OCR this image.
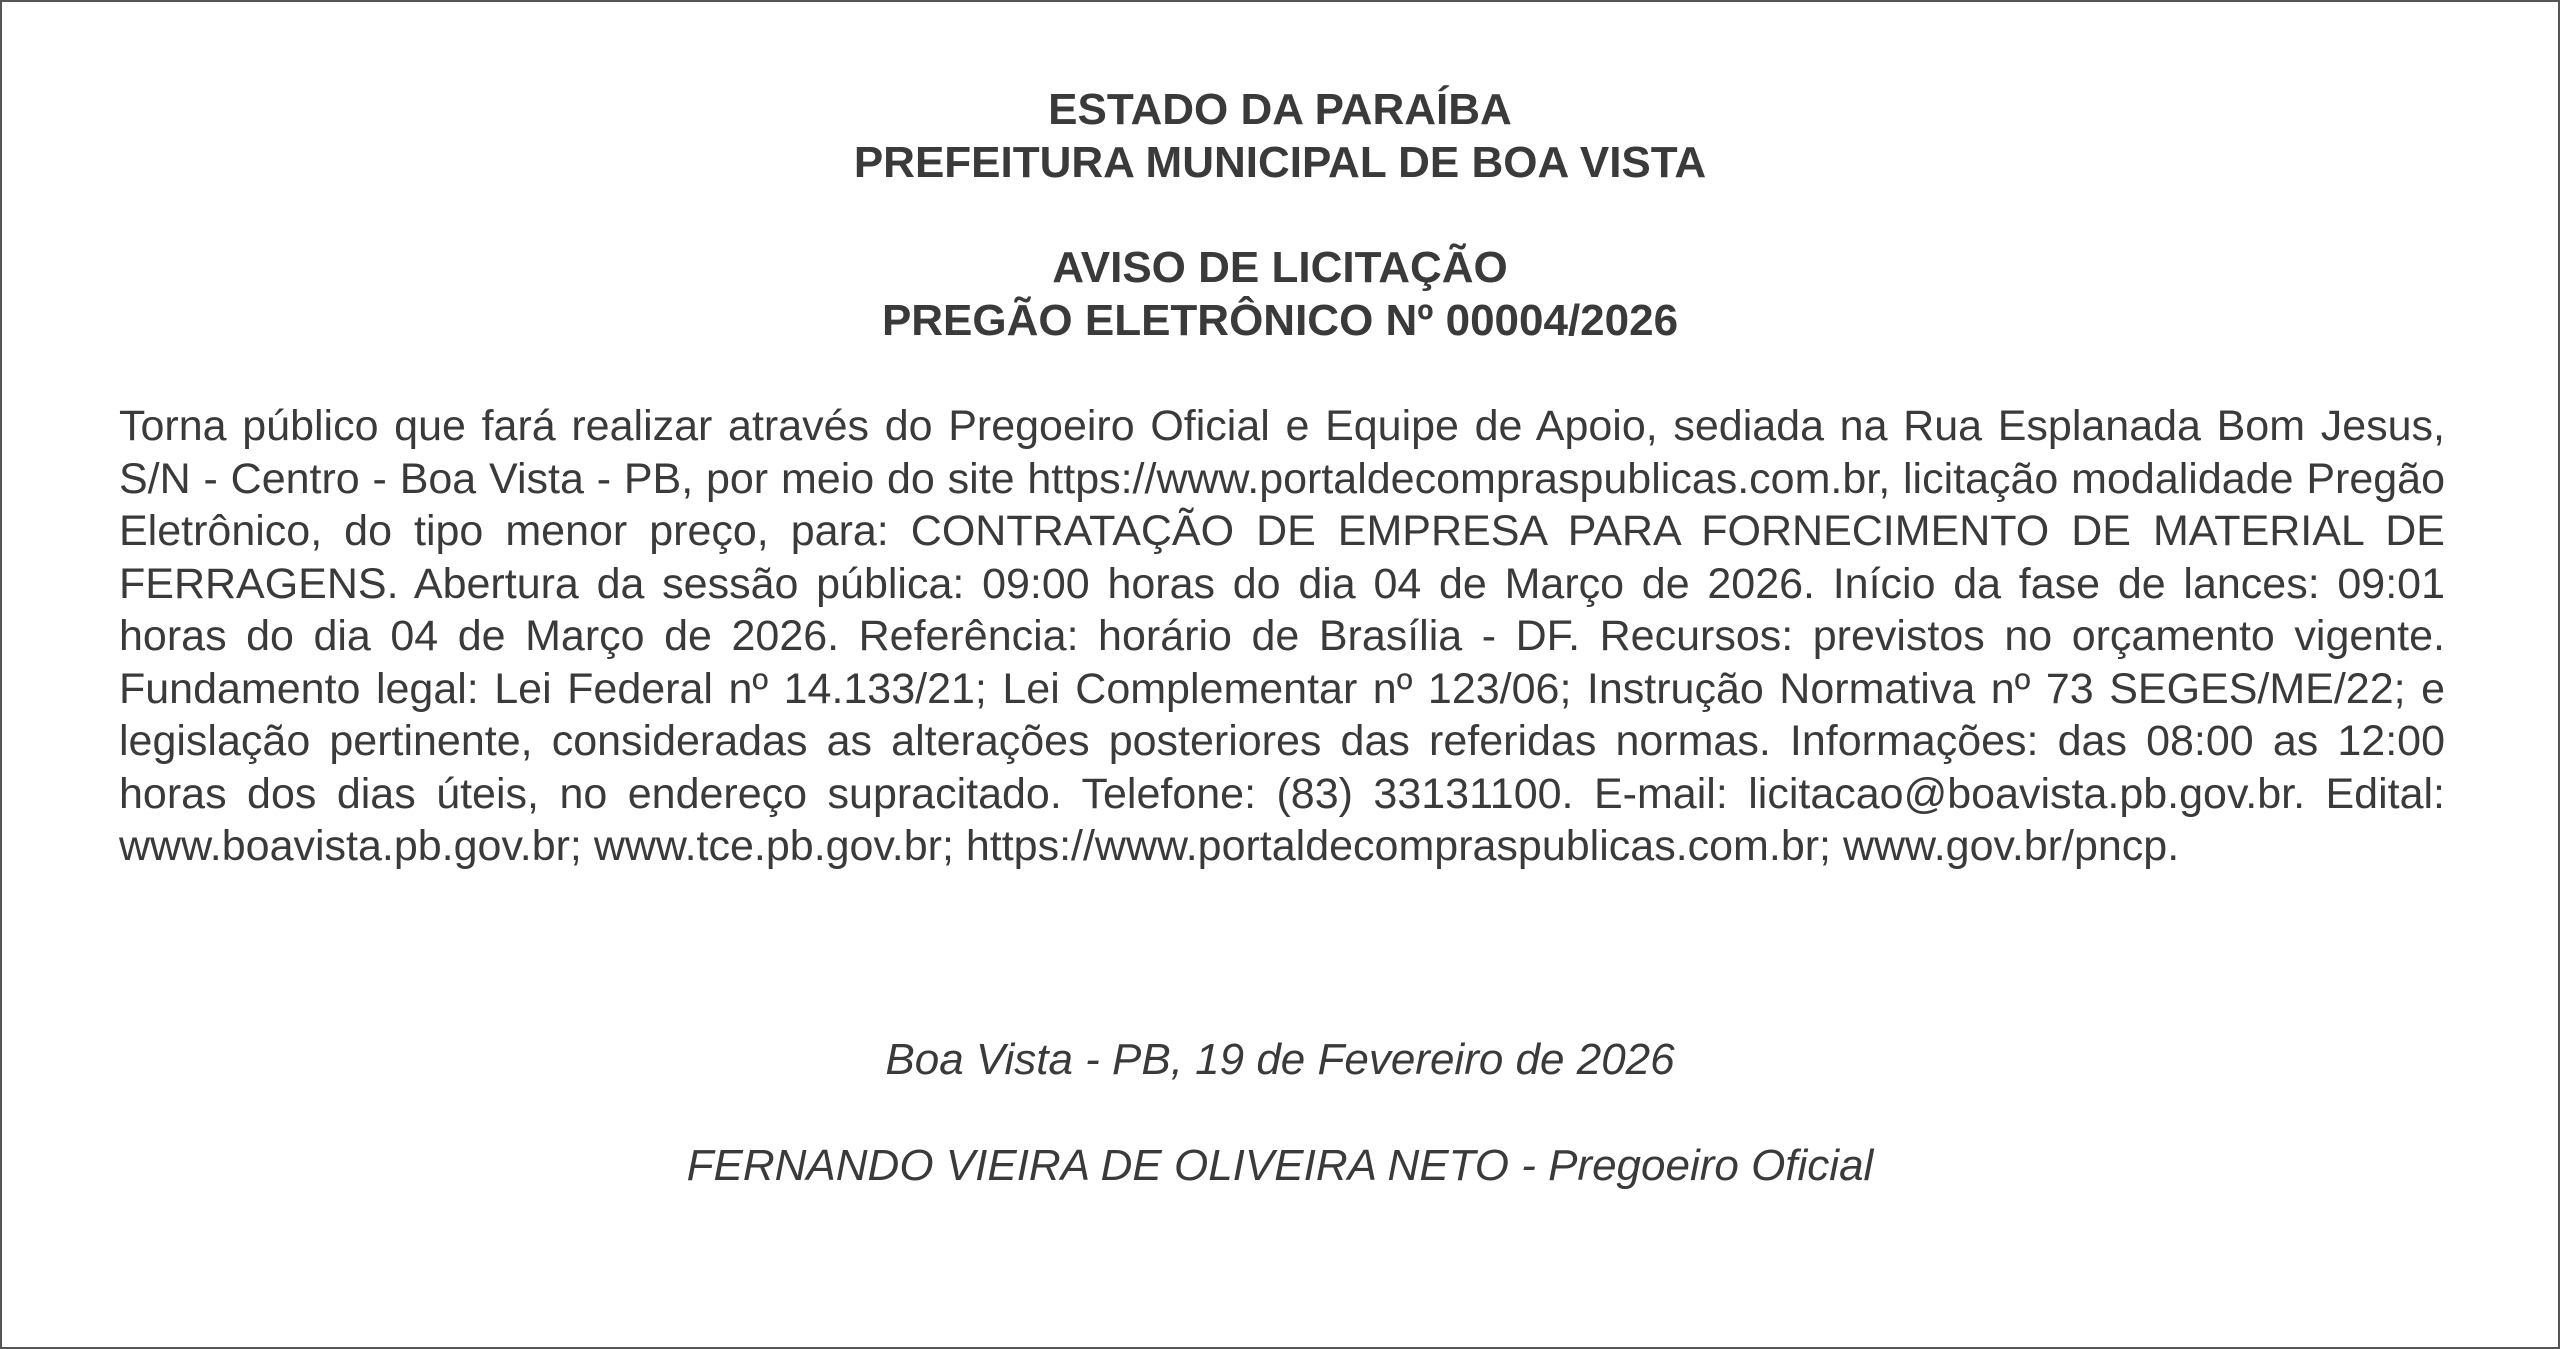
ESTADO DA PARAÍBA
PREFEITURA MUNICIPAL DE BOA VISTA
AVISO DE LICITAÇÃO
PREGÃO ELETRÔNICO Nº 00004/2026
Torna público que fará realizar através do Pregoeiro Oficial e Equipe de Apoio, sediada na Rua Esplanada Bom Jesus, S/N - Centro - Boa Vista - PB, por meio do site https://www.portaldecompraspublicas.com.br, licitação modalidade Pregão Eletrônico, do tipo menor preço, para: CONTRATAÇÃO DE EMPRESA PARA FORNECIMENTO DE MATERIAL DE FERRAGENS. Abertura da sessão pública: 09:00 horas do dia 04 de Março de 2026. Início da fase de lances: 09:01 horas do dia 04 de Março de 2026. Referência: horário de Brasília - DF. Recursos: previstos no orçamento vigente. Fundamento legal: Lei Federal nº 14.133/21; Lei Complementar nº 123/06; Instrução Normativa nº 73 SEGES/ME/22; e legislação pertinente, consideradas as alterações posteriores das referidas normas. Informações: das 08:00 as 12:00 horas dos dias úteis, no endereço supracitado. Telefone: (83) 33131100. E-mail: licitacao@boavista.pb.gov.br. Edital: www.boavista.pb.gov.br; www.tce.pb.gov.br; https://www.portaldecompraspublicas.com.br; www.gov.br/pncp.
Boa Vista - PB, 19 de Fevereiro de 2026
FERNANDO VIEIRA DE OLIVEIRA NETO - Pregoeiro Oficial
